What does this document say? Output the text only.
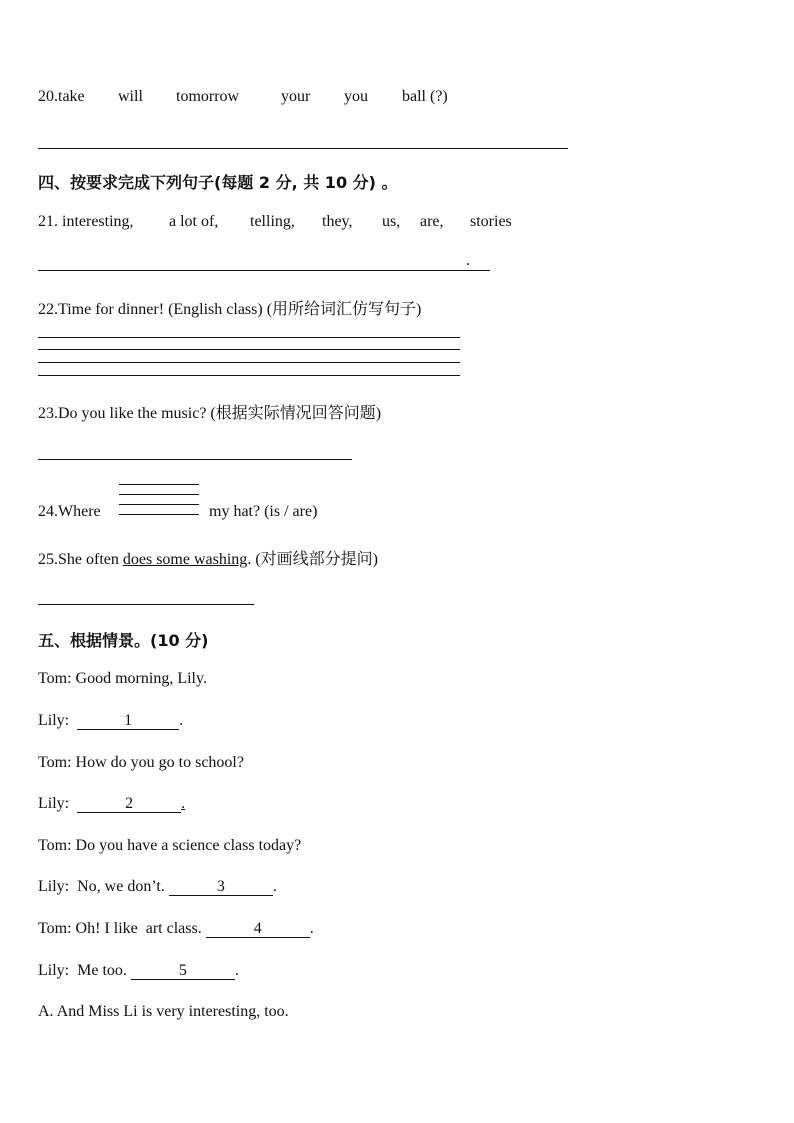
20.take will tomorrow	your you ball (?)
四、按要求完成下列句子(每题 2 分, 共 10 分) 。
21. interesting, a lot of, telling, they, us, are, stories
.
22.Time for dinner! (English class) (用所给词汇仿写句子)
23.Do you like the music? (根据实际情况回答问题)
24.Where	my hat? (is / are)
25.She often does some washing. (对画线部分提问)
五、根据情景。(10 分)
Tom: Good morning, Lily.
Lily:	1	.
Tom: How do you go to school?
Lily:	2	.
Tom: Do you have a science class today?
Lily:  No, we don’t.	3	.
Tom: Oh! I like  art class.	4	.
Lily:  Me too.	5	.
A. And Miss Li is very interesting, too.
